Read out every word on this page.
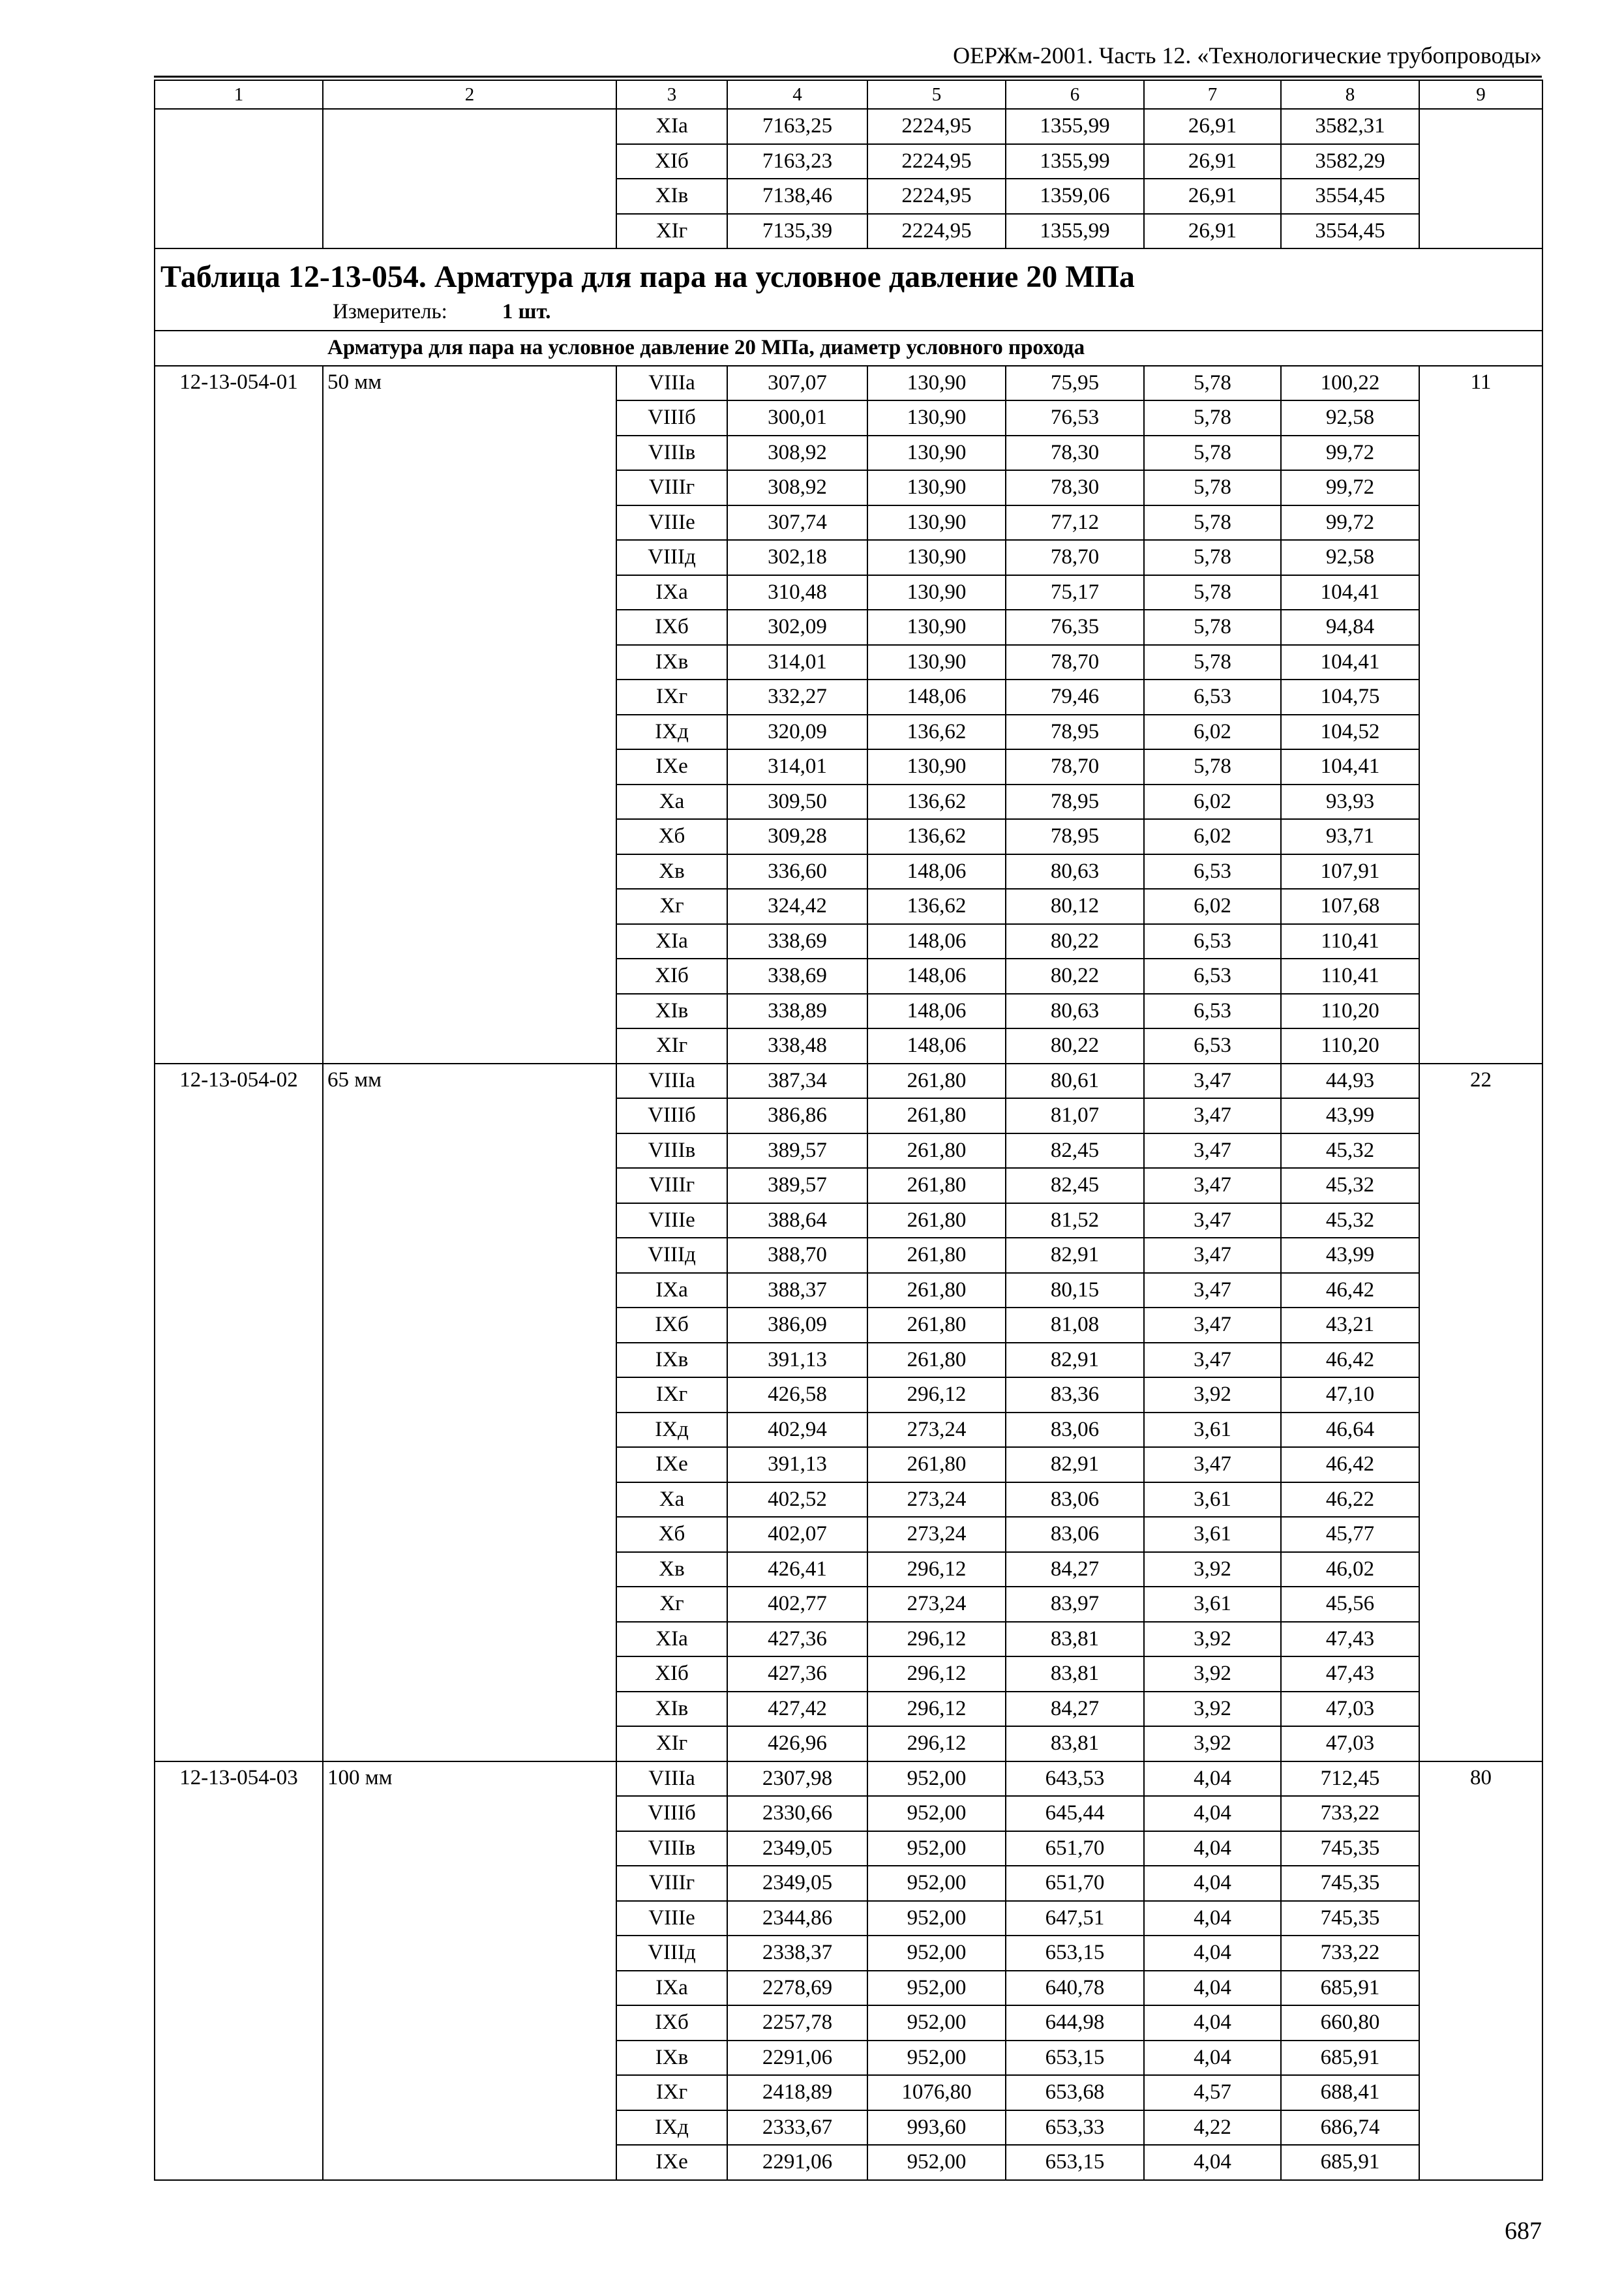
ОЕРЖм-2001. Часть 12. «Технологические трубопроводы»
1	2	3	4	5	6	7	8	9
		XIа	7163,25	2224,95	1355,99	26,91	3582,31	
		XIб	7163,23	2224,95	1355,99	26,91	3582,29	
		XIв	7138,46	2224,95	1359,06	26,91	3554,45	
		XIг	7135,39	2224,95	1355,99	26,91	3554,45	

Таблица 12-13-054. Арматура для пара на условное давление 20 МПа
Измеритель: 1 шт.								

Арматура для пара на условное давление 20 МПа, диаметр условного прохода								
12-13-054-01	50 мм	VIIIа	307,07	130,90	75,95	5,78	100,22	11
		VIIIб	300,01	130,90	76,53	5,78	92,58	
		VIIIв	308,92	130,90	78,30	5,78	99,72	
		VIIIг	308,92	130,90	78,30	5,78	99,72	
		VIIIе	307,74	130,90	77,12	5,78	99,72	
		VIIIд	302,18	130,90	78,70	5,78	92,58	
		IXа	310,48	130,90	75,17	5,78	104,41	
		IXб	302,09	130,90	76,35	5,78	94,84	
		IXв	314,01	130,90	78,70	5,78	104,41	
		IXг	332,27	148,06	79,46	6,53	104,75	
		IXд	320,09	136,62	78,95	6,02	104,52	
		IXе	314,01	130,90	78,70	5,78	104,41	
		Xа	309,50	136,62	78,95	6,02	93,93	
		Xб	309,28	136,62	78,95	6,02	93,71	
		Xв	336,60	148,06	80,63	6,53	107,91	
		Xг	324,42	136,62	80,12	6,02	107,68	
		XIа	338,69	148,06	80,22	6,53	110,41	
		XIб	338,69	148,06	80,22	6,53	110,41	
		XIв	338,89	148,06	80,63	6,53	110,20	
		XIг	338,48	148,06	80,22	6,53	110,20	
12-13-054-02	65 мм	VIIIа	387,34	261,80	80,61	3,47	44,93	22
		VIIIб	386,86	261,80	81,07	3,47	43,99	
		VIIIв	389,57	261,80	82,45	3,47	45,32	
		VIIIг	389,57	261,80	82,45	3,47	45,32	
		VIIIе	388,64	261,80	81,52	3,47	45,32	
		VIIIд	388,70	261,80	82,91	3,47	43,99	
		IXа	388,37	261,80	80,15	3,47	46,42	
		IXб	386,09	261,80	81,08	3,47	43,21	
		IXв	391,13	261,80	82,91	3,47	46,42	
		IXг	426,58	296,12	83,36	3,92	47,10	
		IXд	402,94	273,24	83,06	3,61	46,64	
		IXе	391,13	261,80	82,91	3,47	46,42	
		Xа	402,52	273,24	83,06	3,61	46,22	
		Xб	402,07	273,24	83,06	3,61	45,77	
		Xв	426,41	296,12	84,27	3,92	46,02	
		Xг	402,77	273,24	83,97	3,61	45,56	
		XIа	427,36	296,12	83,81	3,92	47,43	
		XIб	427,36	296,12	83,81	3,92	47,43	
		XIв	427,42	296,12	84,27	3,92	47,03	
		XIг	426,96	296,12	83,81	3,92	47,03	
12-13-054-03	100 мм	VIIIа	2307,98	952,00	643,53	4,04	712,45	80
		VIIIб	2330,66	952,00	645,44	4,04	733,22	
		VIIIв	2349,05	952,00	651,70	4,04	745,35	
		VIIIг	2349,05	952,00	651,70	4,04	745,35	
		VIIIе	2344,86	952,00	647,51	4,04	745,35	
		VIIIд	2338,37	952,00	653,15	4,04	733,22	
		IXа	2278,69	952,00	640,78	4,04	685,91	
		IXб	2257,78	952,00	644,98	4,04	660,80	
		IXв	2291,06	952,00	653,15	4,04	685,91	
		IXг	2418,89	1076,80	653,68	4,57	688,41	
		IXд	2333,67	993,60	653,33	4,22	686,74	
		IXе	2291,06	952,00	653,15	4,04	685,91	
687
